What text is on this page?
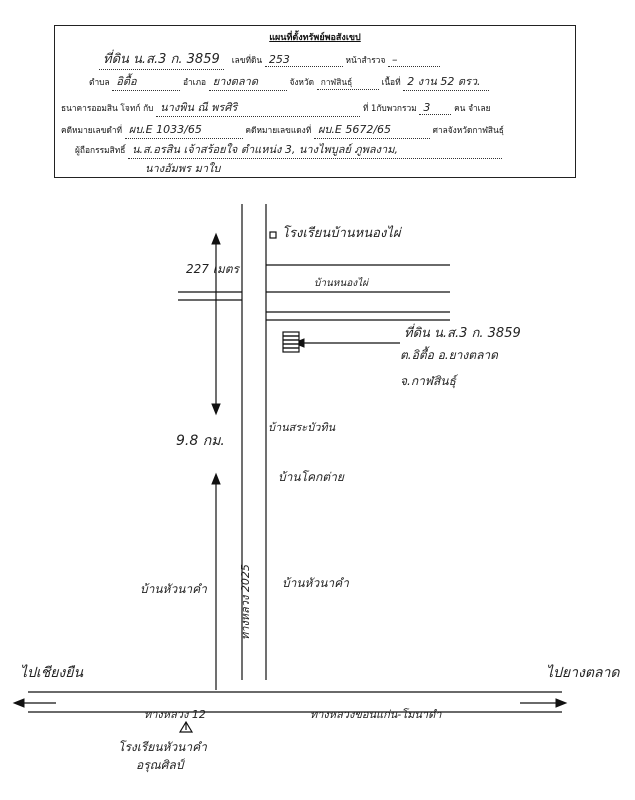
แผนที่ตั้งทรัพย์พอสังเขป
ที่ดิน น.ส.3 ก. 3859 เลขที่ดิน 253	หน้าสำรวจ –
ตำบล อิตื้อ	อำเภอ ยางตลาด	จังหวัด กาฬสินธุ์	เนื้อที่ 2 งาน 52 ตรว.
ธนาคารออมสิน โจทก์ กับ นางพิน ณี พรศิริ	ที่ 1กับพวกรวม 3	คน จำเลย
คดีหมายเลขดำที่ ผบ.E 1033/65	คดีหมายเลขแดงที่ ผบ.E 5672/65	ศาลจังหวัดกาฬสินธุ์
ผู้ถือกรรมสิทธิ์ น.ส.อรสิน เจ้าสร้อยใจ ตำแหน่ง 3, นางไพบูลย์ ภูพลงาม,
นางอัมพร มาใบ
โรงเรียนบ้านหนองไผ่
227 เมตร
บ้านหนองไผ่
ที่ดิน น.ส.3 ก. 3859
ต.อิตื้อ อ.ยางตลาด
จ.กาฬสินธุ์
บ้านสระบัวทิน
9.8 กม.
บ้านโคกต่าย
บ้านหัวนาคำ	บ้านหัวนาคำ
ทางหลวง 2025
ไปเชียงยืน	ไปยางตลาด
ทางหลวง 12	ทางหลวงขอนแก่น-โมนาดำ
โรงเรียนหัวนาคำ
อรุณศิลป์
